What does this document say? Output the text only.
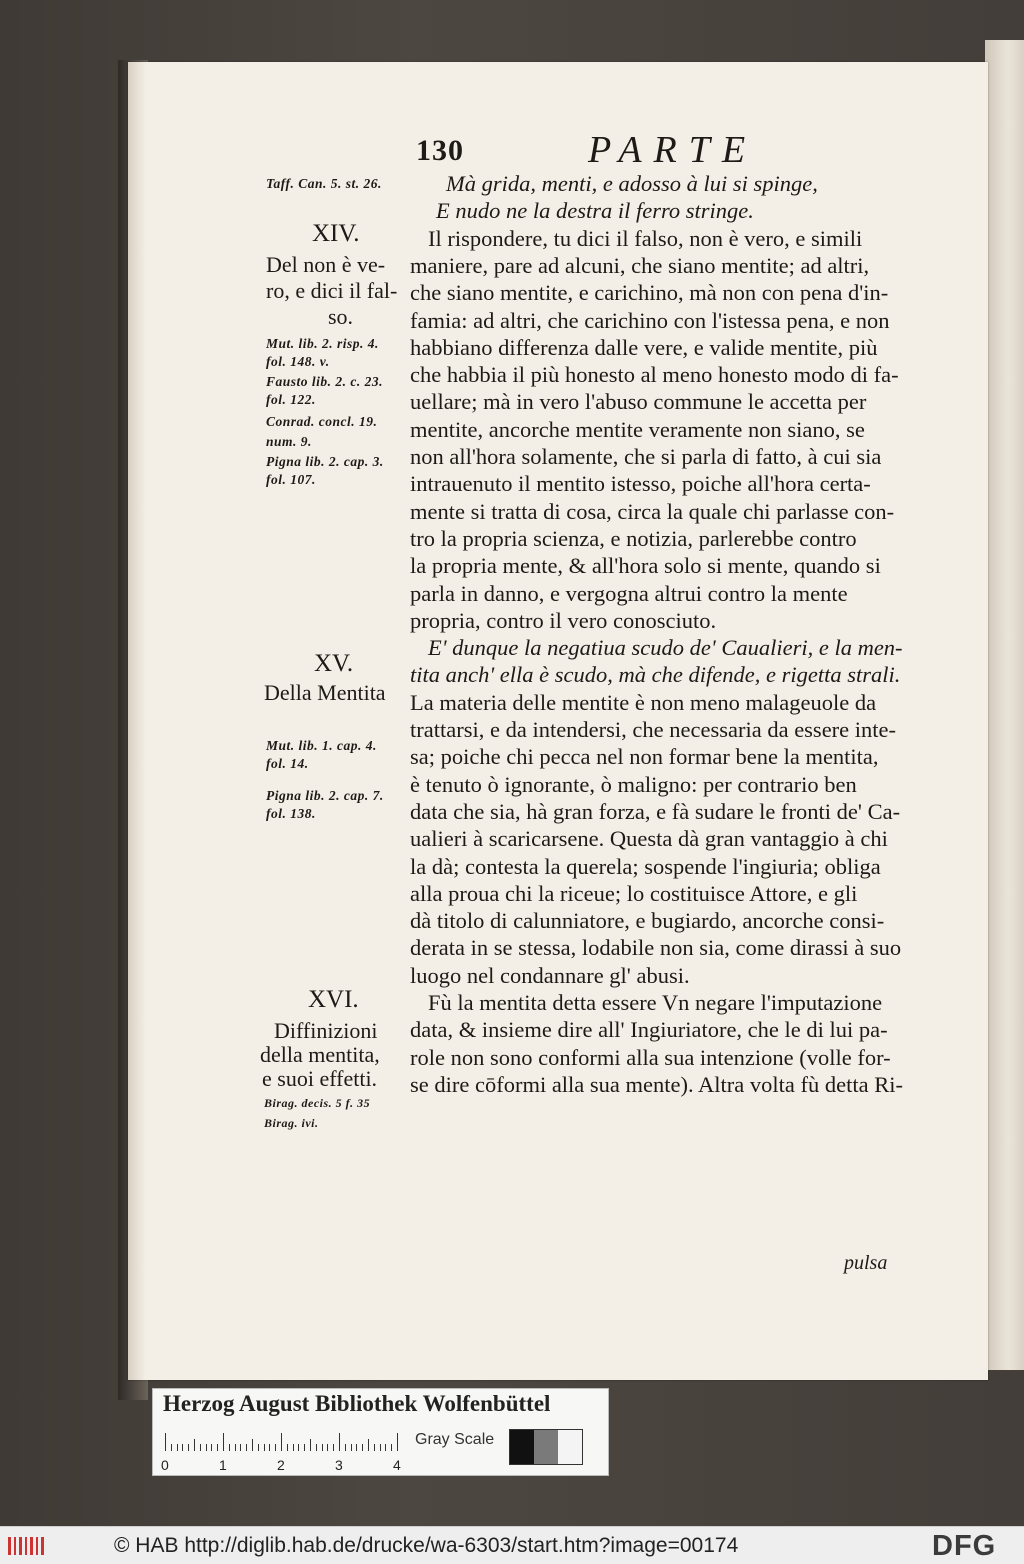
130	PARTE
Mà grida, menti, e adosso à lui si spinge,
E nudo ne la destra il ferro stringe.
Il rispondere, tu dici il falso, non è vero, e simili
maniere, pare ad alcuni, che siano mentite; ad altri,
che siano mentite, e carichino, mà non con pena d'in-
famia: ad altri, che carichino con l'istessa pena, e non
habbiano differenza dalle vere, e valide mentite, più
che habbia il più honesto al meno honesto modo di fa-
uellare; mà in vero l'abuso commune le accetta per
mentite, ancorche mentite veramente non siano, se
non all'hora solamente, che si parla di fatto, à cui sia
intrauenuto il mentito istesso, poiche all'hora certa-
mente si tratta di cosa, circa la quale chi parlasse con-
tro la propria scienza, e notizia, parlerebbe contro
la propria mente, & all'hora solo si mente, quando si
parla in danno, e vergogna altrui contro la mente
propria, contro il vero conosciuto.
E' dunque la negatiua scudo de' Caualieri, e la men-
tita anch' ella è scudo, mà che difende, e rigetta strali.
La materia delle mentite è non meno malageuole da
trattarsi, e da intendersi, che necessaria da essere inte-
sa; poiche chi pecca nel non formar bene la mentita,
è tenuto ò ignorante, ò maligno: per contrario ben
data che sia, hà gran forza, e fà sudare le fronti de' Ca-
ualieri à scaricarsene. Questa dà gran vantaggio à chi
la dà; contesta la querela; sospende l'ingiuria; obliga
alla proua chi la riceue; lo costituisce Attore, e gli
dà titolo di calunniatore, e bugiardo, ancorche consi-
derata in se stessa, lodabile non sia, come dirassi à suo
luogo nel condannare gl' abusi.
Fù la mentita detta essere Vn negare l'imputazione
data, & insieme dire all' Ingiuriatore, che le di lui pa-
role non sono conformi alla sua intenzione (volle for-
se dire cōformi alla sua mente). Altra volta fù detta Ri-
pulsa
Taff. Can. 5. st. 26.
XIV.
Del non è ve-
ro, e dici il fal-
so.
Mut. lib. 2. risp. 4.
fol. 148. v.
Fausto lib. 2. c. 23.
fol. 122.
Conrad. concl. 19.
num. 9.
Pigna lib. 2. cap. 3.
fol. 107.
XV.
Della Mentita
Mut. lib. 1. cap. 4.
fol. 14.
Pigna lib. 2. cap. 7.
fol. 138.
XVI.
Diffinizioni
della mentita,
e suoi effetti.
Birag. decis. 5 f. 35
Birag. ivi.
Herzog August Bibliothek Wolfenbüttel
0	1	2	3	4
Gray Scale
© HAB http://diglib.hab.de/drucke/wa-6303/start.htm?image=00174	DFG
